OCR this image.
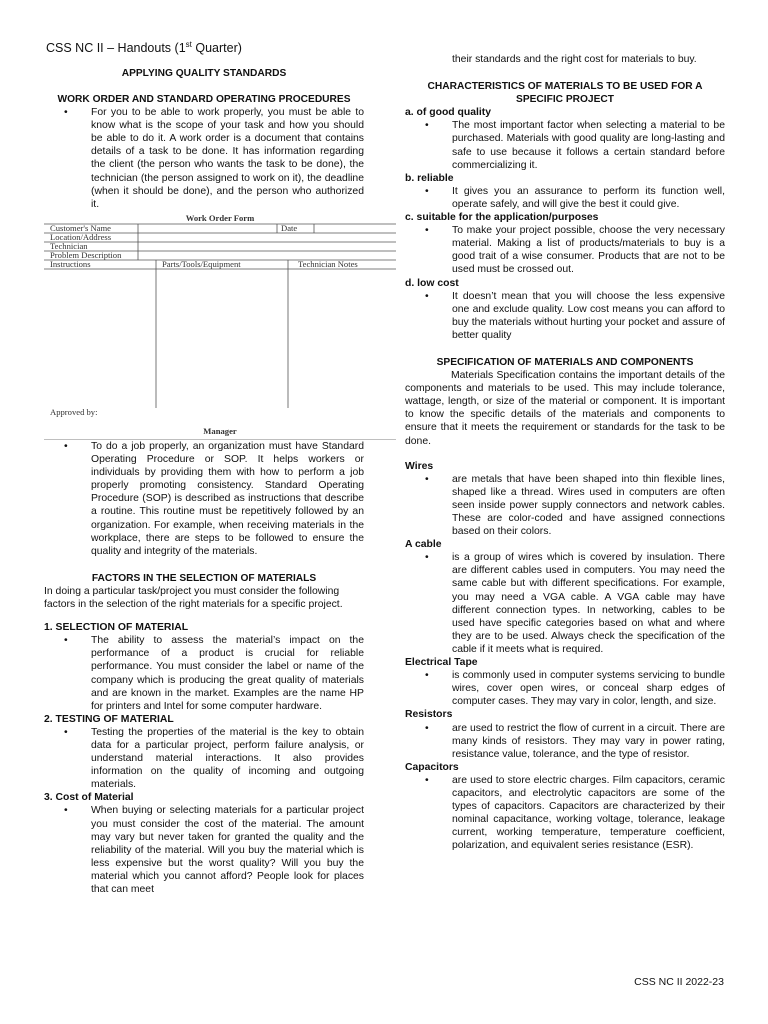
CSS NC II – Handouts (1st Quarter)
APPLYING QUALITY STANDARDS
WORK ORDER AND STANDARD OPERATING PROCEDURES
•	For you to be able to work properly, you must be able to know what is the scope of your task and how you should be able to do it. A work order is a document that contains details of a task to be done. It has information regarding the client (the person who wants the task to be done), the technician (the person assigned to work on it), the deadline (when it should be done), and the person who authorized it.
Work Order Form
Customer's Name	Date
Location/Address
Technician
Problem Description
Instructions	Parts/Tools/Equipment	Technician Notes
Approved by:
Manager
•	To do a job properly, an organization must have Standard Operating Procedure or SOP. It helps workers or individuals by providing them with how to perform a job properly promoting consistency. Standard Operating Procedure (SOP) is described as instructions that describe a routine. This routine must be repetitively followed by an organization. For example, when receiving materials in the workplace, there are steps to be followed to ensure the quality and integrity of the materials.
FACTORS IN THE SELECTION OF MATERIALS
In doing a particular task/project you must consider the following factors in the selection of the right materials for a specific project.
1. SELECTION OF MATERIAL
•	The ability to assess the material’s impact on the performance of a product is crucial for reliable performance. You must consider the label or name of the company which is producing the great quality of materials and are known in the market. Examples are the name HP for printers and Intel for some computer hardware.
2. TESTING OF MATERIAL
•	Testing the properties of the material is the key to obtain data for a particular project, perform failure analysis, or understand material interactions. It also provides information on the quality of incoming and outgoing materials.
3. Cost of Material
•	When buying or selecting materials for a particular project you must consider the cost of the material. The amount may vary but never taken for granted the quality and the reliability of the material. Will you buy the material which is less expensive but the worst quality? Will you buy the material which you cannot afford? People look for places that can meet
their standards and the right cost for materials to buy.
CHARACTERISTICS OF MATERIALS TO BE USED FOR A SPECIFIC PROJECT
a. of good quality
•	The most important factor when selecting a material to be purchased. Materials with good quality are long-lasting and safe to use because it follows a certain standard before commercializing it.
b. reliable
•	It gives you an assurance to perform its function well, operate safely, and will give the best it could give.
c. suitable for the application/purposes
•	To make your project possible, choose the very necessary material. Making a list of products/materials to buy is a good trait of a wise consumer. Products that are not to be used must be crossed out.
d. low cost
•	It doesn’t mean that you will choose the less expensive one and exclude quality. Low cost means you can afford to buy the materials without hurting your pocket and assure of better quality
SPECIFICATION OF MATERIALS AND COMPONENTS
Materials Specification contains the important details of the components and materials to be used. This may include tolerance, wattage, length, or size of the material or component. It is important to know the specific details of the materials and components to ensure that it meets the requirement or standards for the task to be done.
Wires
•	are metals that have been shaped into thin flexible lines, shaped like a thread. Wires used in computers are often seen inside power supply connectors and network cables. These are color-coded and have assigned connections based on their colors.
A cable
•	is a group of wires which is covered by insulation. There are different cables used in computers. You may need the same cable but with different specifications. For example, you may need a VGA cable. A VGA cable may have different connection types. In networking, cables to be used have specific categories based on what and where they are to be used. Always check the specification of the cable if it meets what is required.
Electrical Tape
•	is commonly used in computer systems servicing to bundle wires, cover open wires, or conceal sharp edges of computer cases. They may vary in color, length, and size.
Resistors
•	are used to restrict the flow of current in a circuit. There are many kinds of resistors. They may vary in power rating, resistance value, tolerance, and the type of resistor.
Capacitors
•	are used to store electric charges. Film capacitors, ceramic capacitors, and electrolytic capacitors are some of the types of capacitors. Capacitors are characterized by their nominal capacitance, working voltage, tolerance, leakage current, working temperature, temperature coefficient, polarization, and equivalent series resistance (ESR).
CSS NC II 2022-23
